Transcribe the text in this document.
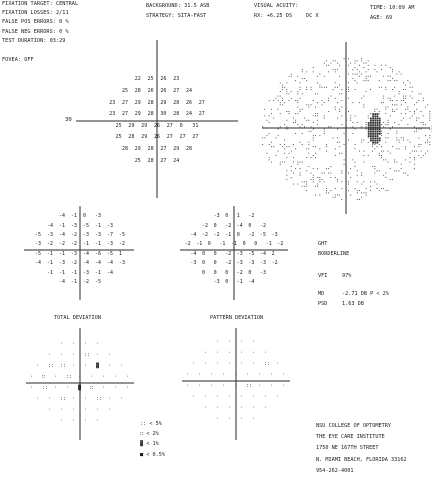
FIXATION TARGET: CENTRAL
FIXATION LOSSES: 2/11
FALSE POS ERRORS: 0 %
FALSE NEG ERRORS: 0 %
TEST DURATION: 03:29
FOVEA: OFF
BACKGROUND: 31.5 ASB
STRATEGY: SITA-FAST
VISUAL ACUITY:
RX: +6.25 DS	DC X
TIME: 10:09 AM
AGE: 69
30
22 25 26 23
25 28 26 26 27 24
23 27 29 28 29 28 26 27
23 27 29 28 30 28 24 27
25 29 29 26 27 0 31
25 28 29 26 27 27 27
28 29 28 27 29 28
25 28 27 24
-4 -1 0 -3
-4 -1 -3 -5 -1 -3
-5 -3 -4 -2 -3 -3 -7 -5
-3 -2 -2 -2 -1 -1 -3 -2
-5 -1 -1 -3 -4 -6 -5 1
-4 -1 -3 -2 -4 -4 -4 -3
-1 -1 -1 -3 -1 -4
-4 -1 -2 -5
-3 0 1 -2
-2 0 -2 -4 0 -2
-4 -2 -2 -1 0 -2 -5 -3
-2 -1 0 -1 -1 0 0 -1 -2
-4 0 0 -2 -3 -5 -4 2
-3 0 0 -2 -3 -3 -3 -2
0 0 0 -2 0 -3
-3 0 -1 -4
GHT
BORDERLINE
VFI	97%
MD	-2.71 DB P < 2%
PSD	1.63 DB
TOTAL DEVIATION	PATTERN DEVIATION
· · · ·
· · · :: · ·
· :: :: · · ▓ · ·
· ∷ · :: · · · · ·
· :: · · ▓ ∷ · · ·
· · :: · · :: · ·
· · · · · ·
· · · ·
· · · ·
· · · · · ·
· · · · · · :: ·
· · · · · · · · ·
· · · · · :: · · ·
· · · · · · · ·
· · · · · ·
· · · ·
:: < 5%
∷ < 2%
▓ < 1%
■ < 0.5%
NSU COLLEGE OF OPTOMETRY
THE EYE CARE INSTITUTE
1750 NE 167TH STREET
N. MIAMI BEACH, FLORIDA 33162
954-262-4001
